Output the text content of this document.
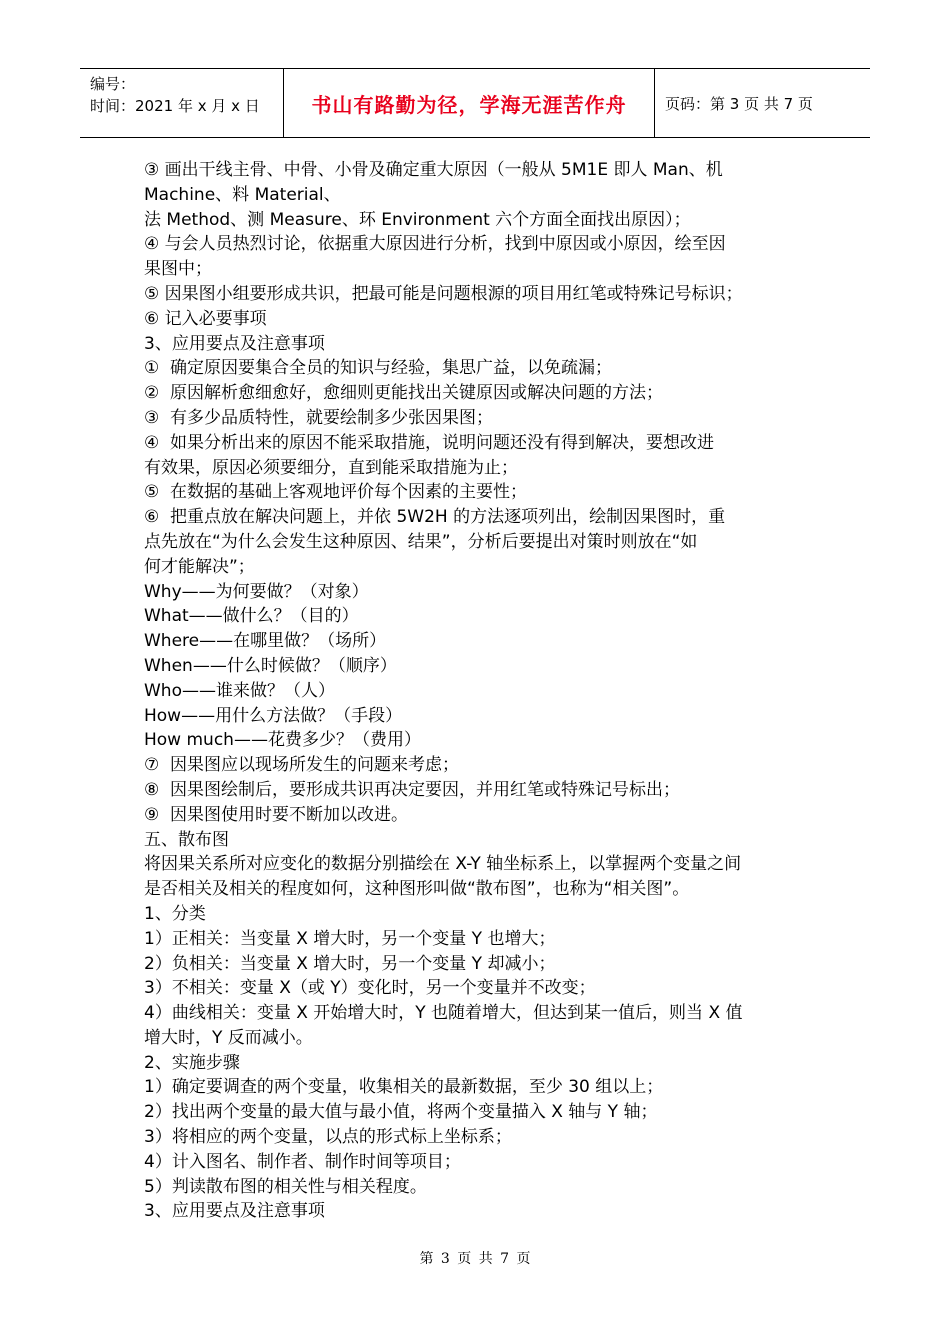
编号：
时间：2021 年 x 月 x 日	书山有路勤为径，学海无涯苦作舟	页码：第 3 页 共 7 页
③ 画出干线主骨、中骨、小骨及确定重大原因（一般从 5M1E 即人 Man、机
Machine、料 Material、
法 Method、测 Measure、环 Environment 六个方面全面找出原因）；
④ 与会人员热烈讨论，依据重大原因进行分析，找到中原因或小原因，绘至因
果图中；
⑤ 因果图小组要形成共识，把最可能是问题根源的项目用红笔或特殊记号标识；
⑥ 记入必要事项
3、应用要点及注意事项
①  确定原因要集合全员的知识与经验，集思广益，以免疏漏；
②  原因解析愈细愈好，愈细则更能找出关键原因或解决问题的方法；
③  有多少品质特性，就要绘制多少张因果图；
④  如果分析出来的原因不能采取措施，说明问题还没有得到解决，要想改进
有效果，原因必须要细分，直到能采取措施为止；
⑤  在数据的基础上客观地评价每个因素的主要性；
⑥  把重点放在解决问题上，并依 5W2H 的方法逐项列出，绘制因果图时，重
点先放在“为什么会发生这种原因、结果”，分析后要提出对策时则放在“如
何才能解决”；
Why——为何要做？（对象）
What——做什么？（目的）
Where——在哪里做？（场所）
When——什么时候做？（顺序）
Who——谁来做？（人）
How——用什么方法做？（手段）
How much——花费多少？（费用）
⑦  因果图应以现场所发生的问题来考虑；
⑧  因果图绘制后，要形成共识再决定要因，并用红笔或特殊记号标出；
⑨  因果图使用时要不断加以改进。
五、散布图
将因果关系所对应变化的数据分别描绘在 X-Y 轴坐标系上，以掌握两个变量之间
是否相关及相关的程度如何，这种图形叫做“散布图”，也称为“相关图”。
1、分类
1）正相关：当变量 X 增大时，另一个变量 Y 也增大；
2）负相关：当变量 X 增大时，另一个变量 Y 却减小；
3）不相关：变量 X（或 Y）变化时，另一个变量并不改变；
4）曲线相关：变量 X 开始增大时，Y 也随着增大，但达到某一值后，则当 X 值
增大时，Y 反而减小。
2、实施步骤
1）确定要调查的两个变量，收集相关的最新数据，至少 30 组以上；
2）找出两个变量的最大值与最小值，将两个变量描入 X 轴与 Y 轴；
3）将相应的两个变量，以点的形式标上坐标系；
4）计入图名、制作者、制作时间等项目；
5）判读散布图的相关性与相关程度。
3、应用要点及注意事项
第 3 页 共 7 页
